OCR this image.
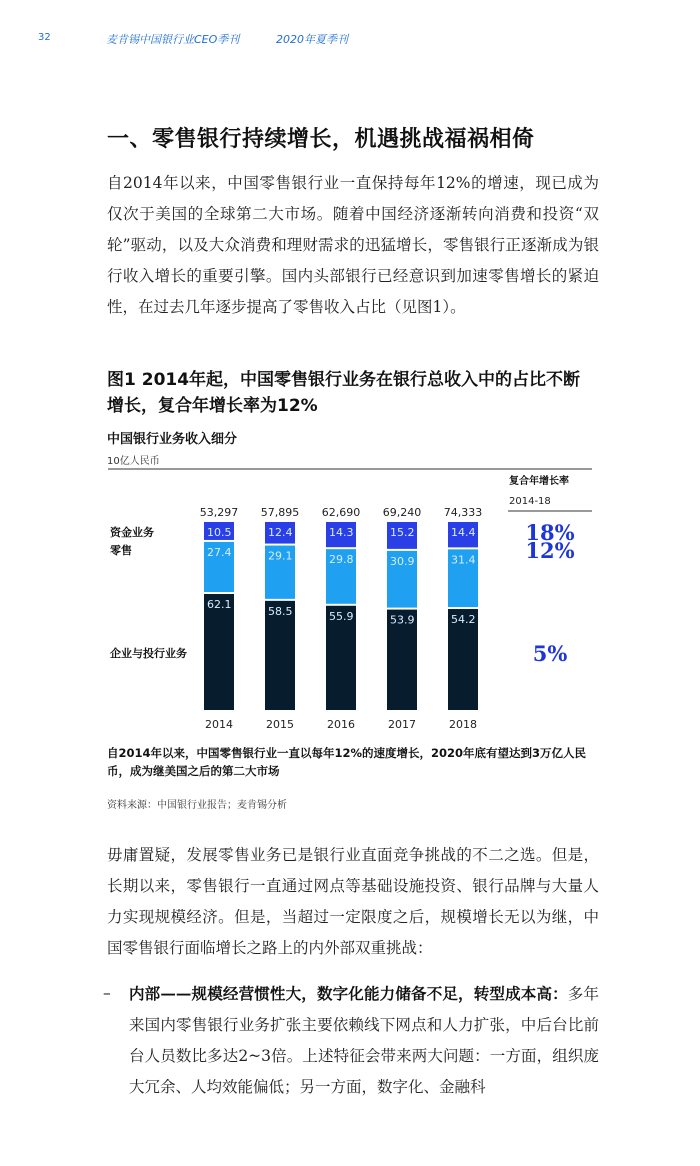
32	麦肯锡中国银行业CEO季刊	2020年夏季刊
一、零售银行持续增长，机遇挑战福祸相倚

自2014年以来，中国零售银行业一直保持每年12%的增速，现已成为仅次于美国的全球第二大市场。随着中国经济逐渐转向消费和投资“双轮”驱动，以及大众消费和理财需求的迅猛增长，零售银行正逐渐成为银行收入增长的重要引擎。国内头部银行已经意识到加速零售增长的紧迫性，在过去几年逐步提高了零售收入占比（见图1）。

图1 2014年起，中国零售银行业务在银行总收入中的占比不断增长，复合年增长率为12%

中国银行业务收入细分
10亿人民币
复合年增长率
2014-18
62.1
27.4
10.5
53,297
2014
58.5
29.1
12.4
57,895
2015
55.9
29.8
14.3
62,690
2016
53.9
30.9
15.2
69,240
2017
54.2
31.4
14.4
74,333
2018
企业与投行业务	5%
零售	12%
资金业务	18%

自2014年以来，中国零售银行业一直以每年12%的速度增长，2020年底有望达到3万亿人民币，成为继美国之后的第二大市场

资料来源：中国银行业报告；麦肯锡分析

毋庸置疑，发展零售业务已是银行业直面竞争挑战的不二之选。但是，长期以来，零售银行一直通过网点等基础设施投资、银行品牌与大量人力实现规模经济。但是，当超过一定限度之后，规模增长无以为继，中国零售银行面临增长之路上的内外部双重挑战：

– 内部——规模经营惯性大，数字化能力储备不足，转型成本高：多年来国内零售银行业务扩张主要依赖线下网点和人力扩张，中后台比前台人员数比多达2~3倍。上述特征会带来两大问题：一方面，组织庞大冗余、人均效能偏低；另一方面，数字化、金融科
